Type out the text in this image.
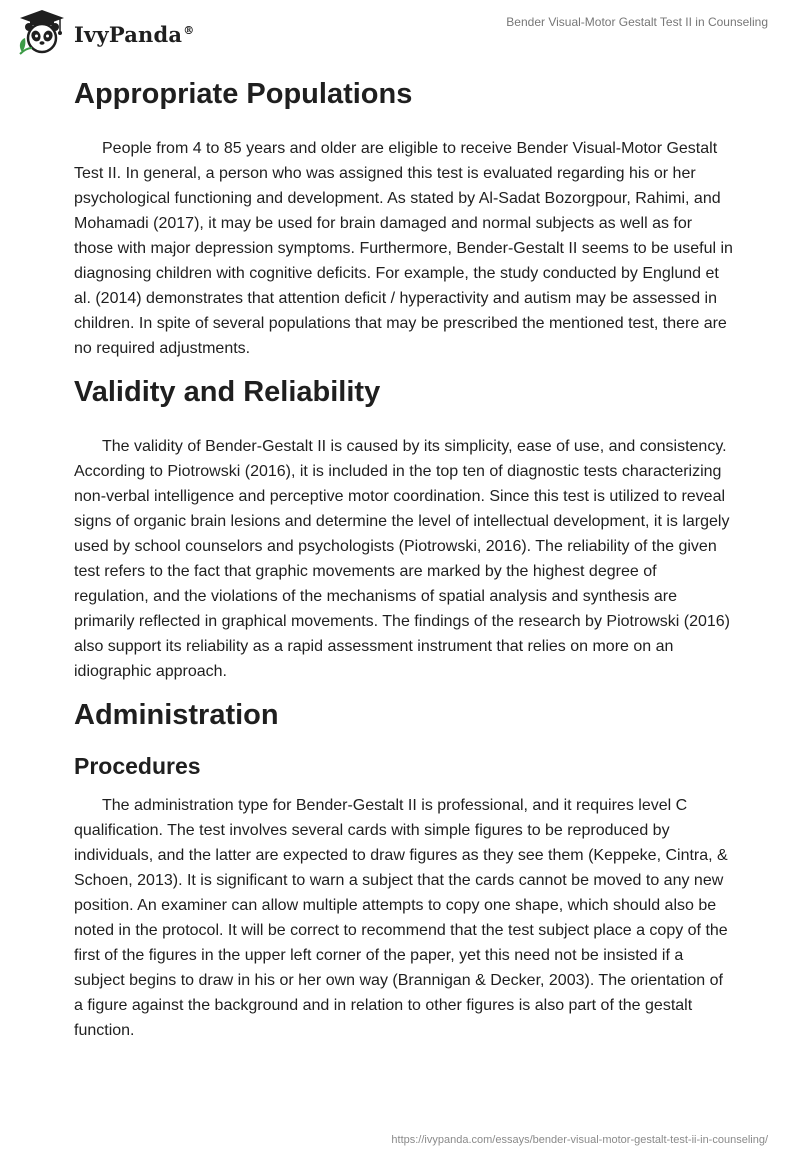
IvyPanda®
Bender Visual-Motor Gestalt Test II in Counseling
Appropriate Populations

People from 4 to 85 years and older are eligible to receive Bender Visual-Motor Gestalt Test II. In general, a person who was assigned this test is evaluated regarding his or her psychological functioning and development. As stated by Al-Sadat Bozorgpour, Rahimi, and Mohamadi (2017), it may be used for brain damaged and normal subjects as well as for those with major depression symptoms. Furthermore, Bender-Gestalt II seems to be useful in diagnosing children with cognitive deficits. For example, the study conducted by Englund et al. (2014) demonstrates that attention deficit / hyperactivity and autism may be assessed in children. In spite of several populations that may be prescribed the mentioned test, there are no required adjustments.

Validity and Reliability

The validity of Bender-Gestalt II is caused by its simplicity, ease of use, and consistency. According to Piotrowski (2016), it is included in the top ten of diagnostic tests characterizing non-verbal intelligence and perceptive motor coordination. Since this test is utilized to reveal signs of organic brain lesions and determine the level of intellectual development, it is largely used by school counselors and psychologists (Piotrowski, 2016). The reliability of the given test refers to the fact that graphic movements are marked by the highest degree of regulation, and the violations of the mechanisms of spatial analysis and synthesis are primarily reflected in graphical movements. The findings of the research by Piotrowski (2016) also support its reliability as a rapid assessment instrument that relies on more on an idiographic approach.

Administration
Procedures

The administration type for Bender-Gestalt II is professional, and it requires level C qualification. The test involves several cards with simple figures to be reproduced by individuals, and the latter are expected to draw figures as they see them (Keppeke, Cintra, & Schoen, 2013). It is significant to warn a subject that the cards cannot be moved to any new position. An examiner can allow multiple attempts to copy one shape, which should also be noted in the protocol. It will be correct to recommend that the test subject place a copy of the first of the figures in the upper left corner of the paper, yet this need not be insisted if a subject begins to draw in his or her own way (Brannigan & Decker, 2003). The orientation of a figure against the background and in relation to other figures is also part of the gestalt function.

https://ivypanda.com/essays/bender-visual-motor-gestalt-test-ii-in-counseling/
